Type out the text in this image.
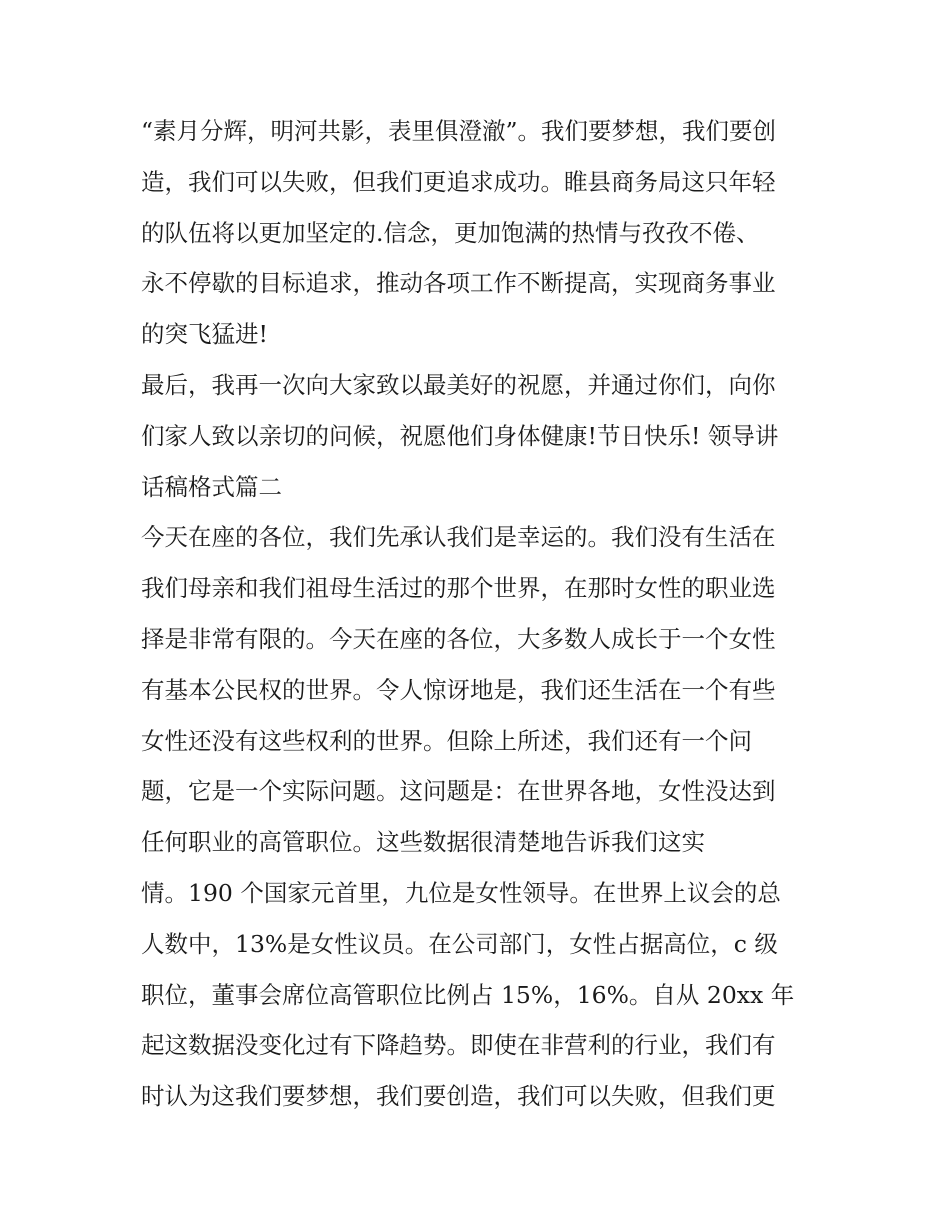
“素月分辉，明河共影，表里俱澄澈”。我们要梦想，我们要创
造，我们可以失败，但我们更追求成功。睢县商务局这只年轻
的队伍将以更加坚定的.信念，更加饱满的热情与孜孜不倦、
永不停歇的目标追求，推动各项工作不断提高，实现商务事业
的突飞猛进!
最后，我再一次向大家致以最美好的祝愿，并通过你们，向你
们家人致以亲切的问候，祝愿他们身体健康!节日快乐! 领导讲
话稿格式篇二
今天在座的各位，我们先承认我们是幸运的。我们没有生活在
我们母亲和我们祖母生活过的那个世界，在那时女性的职业选
择是非常有限的。今天在座的各位，大多数人成长于一个女性
有基本公民权的世界。令人惊讶地是，我们还生活在一个有些
女性还没有这些权利的世界。但除上所述，我们还有一个问
题，它是一个实际问题。这问题是：在世界各地，女性没达到
任何职业的高管职位。这些数据很清楚地告诉我们这实
情。190 个国家元首里，九位是女性领导。在世界上议会的总
人数中，13%是女性议员。在公司部门，女性占据高位，c 级
职位，董事会席位高管职位比例占 15%，16%。自从 20xx 年
起这数据没变化过有下降趋势。即使在非营利的行业，我们有
时认为这我们要梦想，我们要创造，我们可以失败，但我们更
